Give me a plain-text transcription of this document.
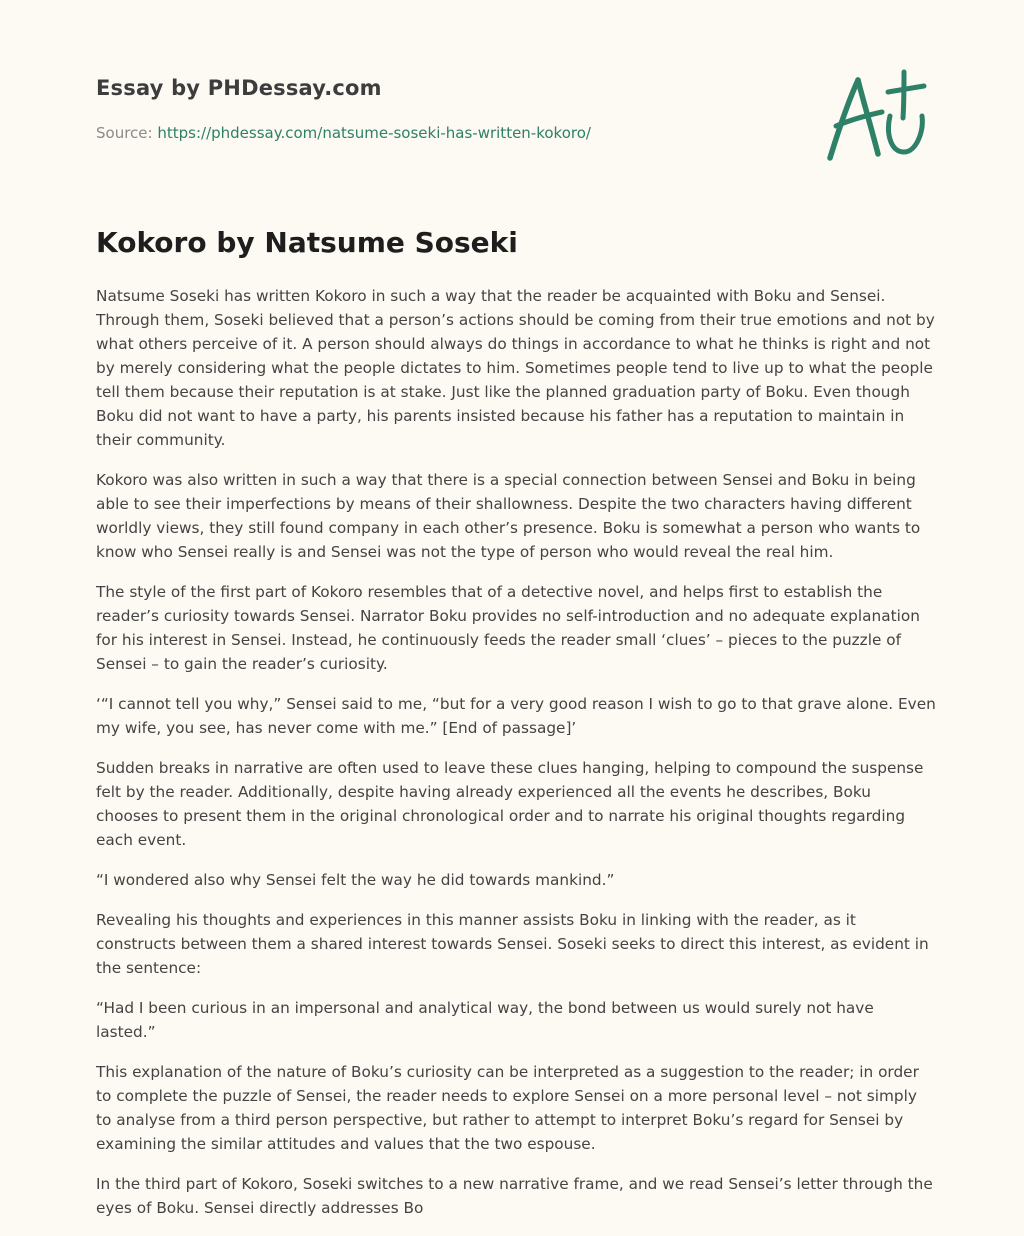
Essay by PHDessay.com
Source: https://phdessay.com/natsume-soseki-has-written-kokoro/
Kokoro by Natsume Soseki

Natsume Soseki has written Kokoro in such a way that the reader be acquainted with Boku and Sensei. Through them, Soseki believed that a person’s actions should be coming from their true emotions and not by what others perceive of it. A person should always do things in accordance to what he thinks is right and not by merely considering what the people dictates to him. Sometimes people tend to live up to what the people tell them because their reputation is at stake. Just like the planned graduation party of Boku. Even though Boku did not want to have a party, his parents insisted because his father has a reputation to maintain in their community.

Kokoro was also written in such a way that there is a special connection between Sensei and Boku in being able to see their imperfections by means of their shallowness. Despite the two characters having different worldly views, they still found company in each other’s presence. Boku is somewhat a person who wants to know who Sensei really is and Sensei was not the type of person who would reveal the real him.

The style of the first part of Kokoro resembles that of a detective novel, and helps first to establish the reader’s curiosity towards Sensei. Narrator Boku provides no self-introduction and no adequate explanation for his interest in Sensei. Instead, he continuously feeds the reader small ‘clues’ – pieces to the puzzle of Sensei – to gain the reader’s curiosity.

‘“I cannot tell you why,” Sensei said to me, “but for a very good reason I wish to go to that grave alone. Even my wife, you see, has never come with me.” [End of passage]’

Sudden breaks in narrative are often used to leave these clues hanging, helping to compound the suspense felt by the reader. Additionally, despite having already experienced all the events he describes, Boku chooses to present them in the original chronological order and to narrate his original thoughts regarding each event.

“I wondered also why Sensei felt the way he did towards mankind.”

Revealing his thoughts and experiences in this manner assists Boku in linking with the reader, as it constructs between them a shared interest towards Sensei. Soseki seeks to direct this interest, as evident in the sentence:

“Had I been curious in an impersonal and analytical way, the bond between us would surely not have lasted.”

This explanation of the nature of Boku’s curiosity can be interpreted as a suggestion to the reader; in order to complete the puzzle of Sensei, the reader needs to explore Sensei on a more personal level – not simply to analyse from a third person perspective, but rather to attempt to interpret Boku’s regard for Sensei by examining the similar attitudes and values that the two espouse.

In the third part of Kokoro, Soseki switches to a new narrative frame, and we read Sensei’s letter through the eyes of Boku. Sensei directly addresses Bo
